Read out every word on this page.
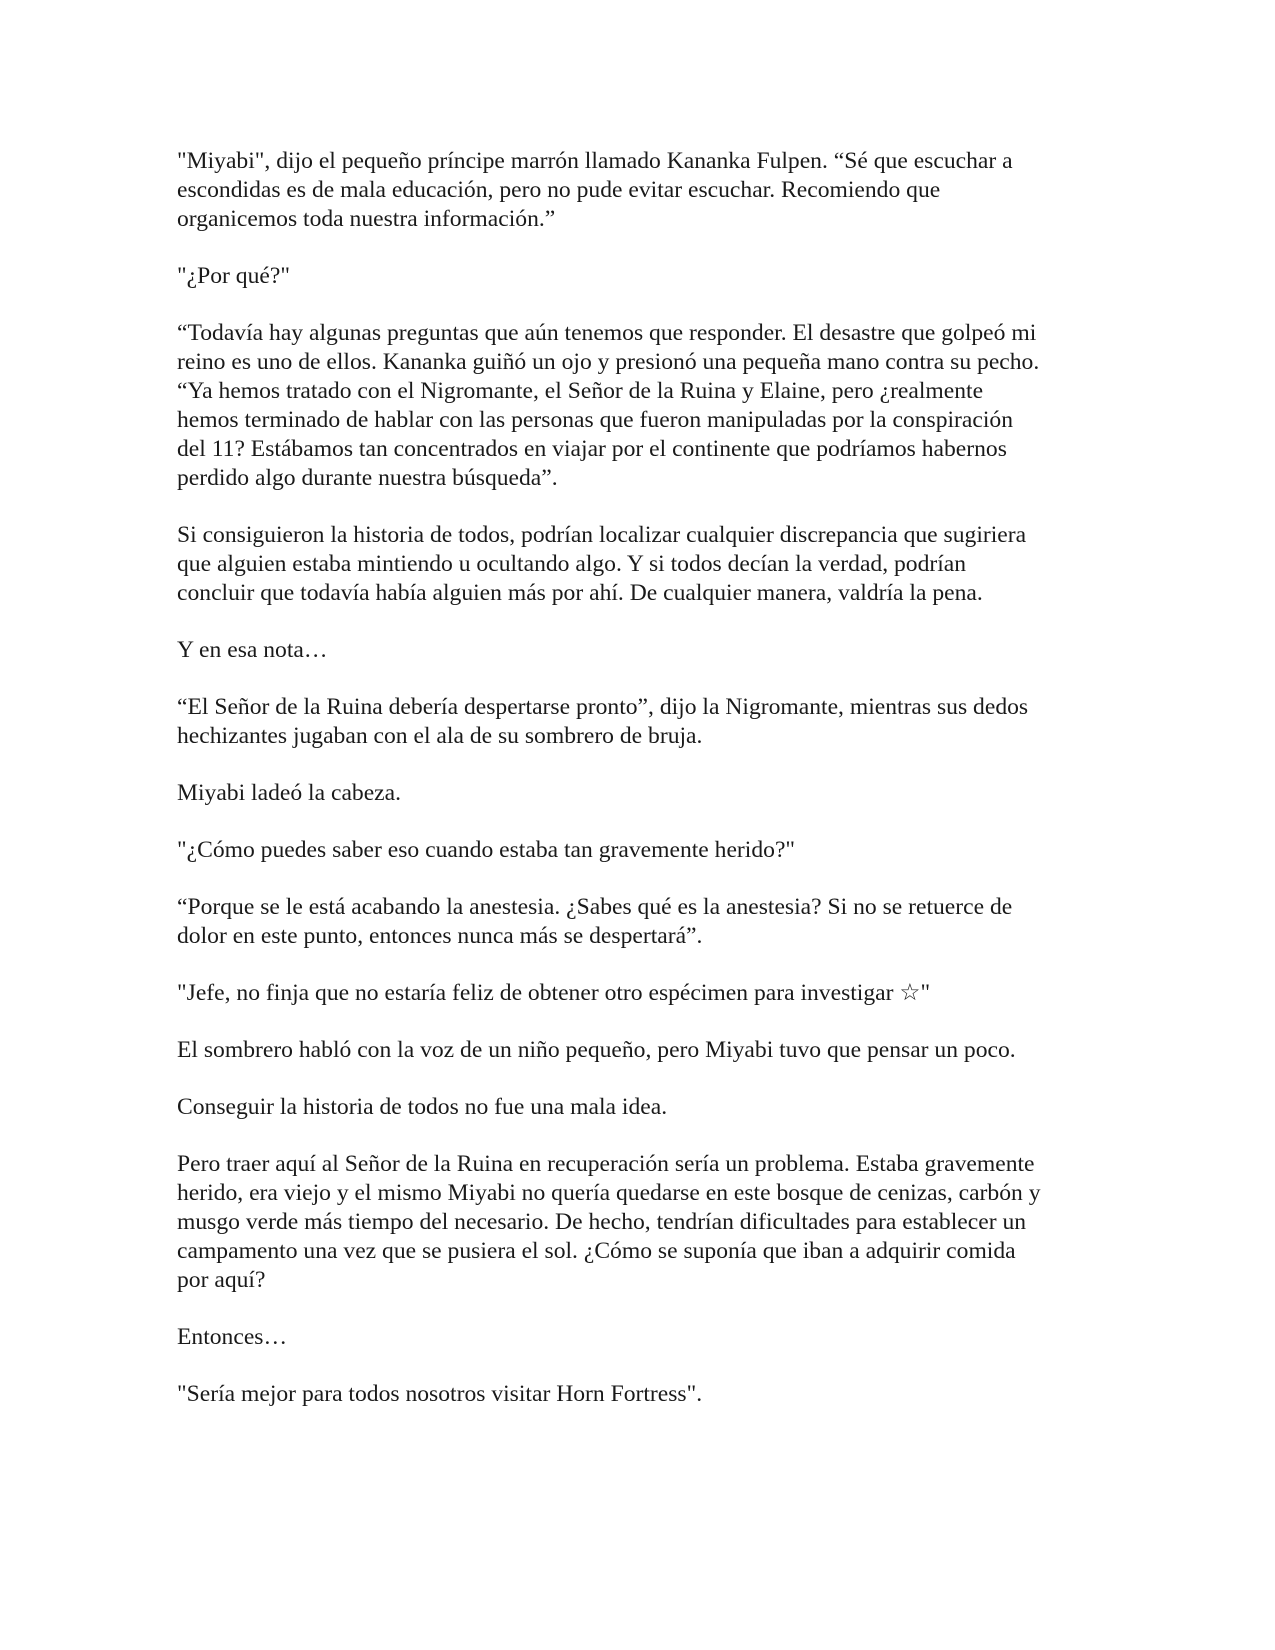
"Miyabi", dijo el pequeño príncipe marrón llamado Kananka Fulpen. “Sé que escuchar a
escondidas es de mala educación, pero no pude evitar escuchar. Recomiendo que
organicemos toda nuestra información.”

"¿Por qué?"

“Todavía hay algunas preguntas que aún tenemos que responder. El desastre que golpeó mi
reino es uno de ellos. Kananka guiñó un ojo y presionó una pequeña mano contra su pecho.
“Ya hemos tratado con el Nigromante, el Señor de la Ruina y Elaine, pero ¿realmente
hemos terminado de hablar con las personas que fueron manipuladas por la conspiración
del 11? Estábamos tan concentrados en viajar por el continente que podríamos habernos
perdido algo durante nuestra búsqueda”.

Si consiguieron la historia de todos, podrían localizar cualquier discrepancia que sugiriera
que alguien estaba mintiendo u ocultando algo. Y si todos decían la verdad, podrían
concluir que todavía había alguien más por ahí. De cualquier manera, valdría la pena.

Y en esa nota…

“El Señor de la Ruina debería despertarse pronto”, dijo la Nigromante, mientras sus dedos
hechizantes jugaban con el ala de su sombrero de bruja.

Miyabi ladeó la cabeza.

"¿Cómo puedes saber eso cuando estaba tan gravemente herido?"

“Porque se le está acabando la anestesia. ¿Sabes qué es la anestesia? Si no se retuerce de
dolor en este punto, entonces nunca más se despertará”.

"Jefe, no finja que no estaría feliz de obtener otro espécimen para investigar ☆"

El sombrero habló con la voz de un niño pequeño, pero Miyabi tuvo que pensar un poco.

Conseguir la historia de todos no fue una mala idea.

Pero traer aquí al Señor de la Ruina en recuperación sería un problema. Estaba gravemente
herido, era viejo y el mismo Miyabi no quería quedarse en este bosque de cenizas, carbón y
musgo verde más tiempo del necesario. De hecho, tendrían dificultades para establecer un
campamento una vez que se pusiera el sol. ¿Cómo se suponía que iban a adquirir comida
por aquí?

Entonces…

"Sería mejor para todos nosotros visitar Horn Fortress".
